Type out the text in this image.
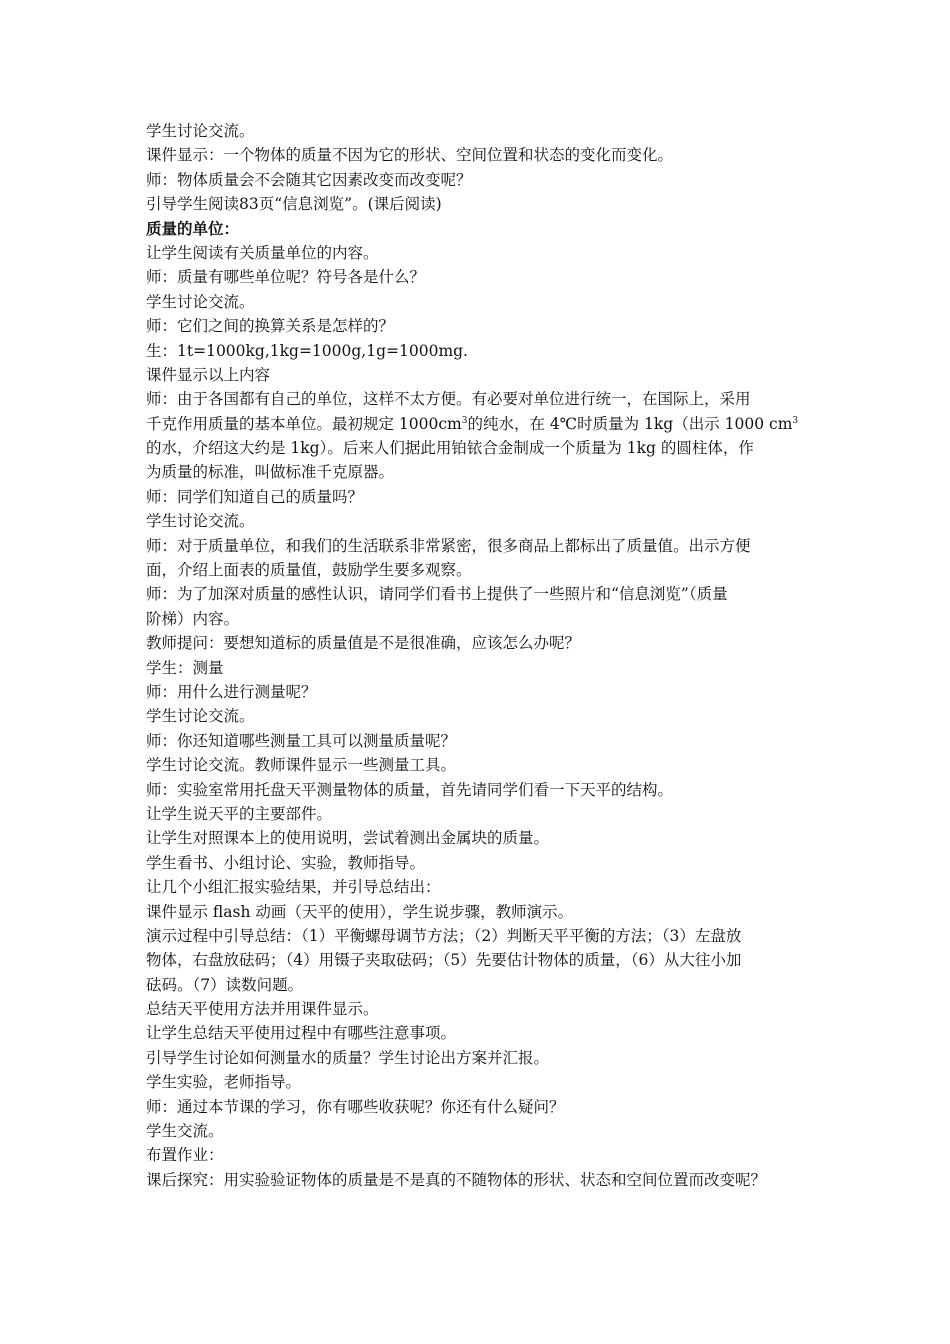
学生讨论交流。
课件显示：一个物体的质量不因为它的形状、空间位置和状态的变化而变化。
师：物体质量会不会随其它因素改变而改变呢？
引导学生阅读83页“信息浏览”。(课后阅读)
质量的单位：
让学生阅读有关质量单位的内容。
师：质量有哪些单位呢？符号各是什么？
学生讨论交流。
师：它们之间的换算关系是怎样的？
生：1t=1000kg,1kg=1000g,1g=1000mg.
课件显示以上内容
师：由于各国都有自己的单位，这样不太方便。有必要对单位进行统一，在国际上，采用
千克作用质量的基本单位。最初规定 $1000cm^3$的纯水，在 4℃时质量为 1kg（出示 1000 $cm^3$
的水，介绍这大约是 1kg）。后来人们据此用铂铱合金制成一个质量为 1kg 的圆柱体，作
为质量的标准，叫做标准千克原器。
师：同学们知道自己的质量吗？
学生讨论交流。
师：对于质量单位，和我们的生活联系非常紧密，很多商品上都标出了质量值。出示方便
面，介绍上面表的质量值，鼓励学生要多观察。
师：为了加深对质量的感性认识，请同学们看书上提供了一些照片和“信息浏览”（质量
阶梯）内容。
教师提问：要想知道标的质量值是不是很准确，应该怎么办呢？
学生：测量
师：用什么进行测量呢？
学生讨论交流。
师：你还知道哪些测量工具可以测量质量呢？
学生讨论交流。教师课件显示一些测量工具。
师：实验室常用托盘天平测量物体的质量，首先请同学们看一下天平的结构。
让学生说天平的主要部件。
让学生对照课本上的使用说明，尝试着测出金属块的质量。
学生看书、小组讨论、实验，教师指导。
让几个小组汇报实验结果，并引导总结出：
课件显示 flash 动画（天平的使用），学生说步骤，教师演示。
演示过程中引导总结：（1）平衡螺母调节方法；（2）判断天平平衡的方法；（3）左盘放
物体，右盘放砝码；（4）用镊子夹取砝码；（5）先要估计物体的质量，（6）从大往小加
砝码。（7）读数问题。
总结天平使用方法并用课件显示。
让学生总结天平使用过程中有哪些注意事项。
引导学生讨论如何测量水的质量？学生讨论出方案并汇报。
学生实验，老师指导。
师：通过本节课的学习，你有哪些收获呢？你还有什么疑问？
学生交流。
布置作业：
课后探究：用实验验证物体的质量是不是真的不随物体的形状、状态和空间位置而改变呢？
